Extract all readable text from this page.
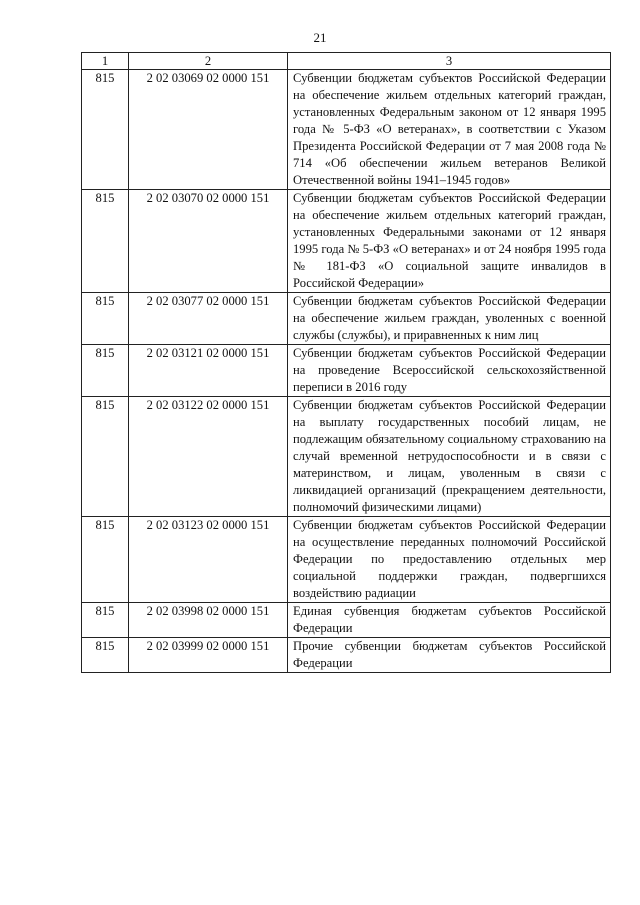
21
1	2	3
815	2 02 03069 02 0000 151	Субвенции бюджетам субъектов Российской Федерации на обеспечение жильем отдельных категорий граждан, установленных Федеральным законом от 12 января 1995 года № 5-ФЗ «О ветеранах», в соответствии с Указом Президента Российской Федерации от 7 мая 2008 года № 714 «Об обеспечении жильем ветеранов Великой Отечественной войны 1941–1945 годов»
815	2 02 03070 02 0000 151	Субвенции бюджетам субъектов Российской Федерации на обеспечение жильем отдельных категорий граждан, установленных Федеральными законами от 12 января 1995 года № 5-ФЗ «О ветеранах» и от 24 ноября 1995 года № 181-ФЗ «О социальной защите инвалидов в Российской Федерации»
815	2 02 03077 02 0000 151	Субвенции бюджетам субъектов Российской Федерации на обеспечение жильем граждан, уволенных с военной службы (службы), и приравненных к ним лиц
815	2 02 03121 02 0000 151	Субвенции бюджетам субъектов Российской Федерации на проведение Всероссийской сельскохозяйственной переписи в 2016 году
815	2 02 03122 02 0000 151	Субвенции бюджетам субъектов Российской Федерации на выплату государственных пособий лицам, не подлежащим обязательному социальному страхованию на случай временной нетрудоспособности и в связи с материнством, и лицам, уволенным в связи с ликвидацией организаций (прекращением деятельности, полномочий физическими лицами)
815	2 02 03123 02 0000 151	Субвенции бюджетам субъектов Российской Федерации на осуществление переданных полномочий Российской Федерации по предоставлению отдельных мер социальной поддержки граждан, подвергшихся воздействию радиации
815	2 02 03998 02 0000 151	Единая субвенция бюджетам субъектов Российской Федерации
815	2 02 03999 02 0000 151	Прочие субвенции бюджетам субъектов Российской Федерации
